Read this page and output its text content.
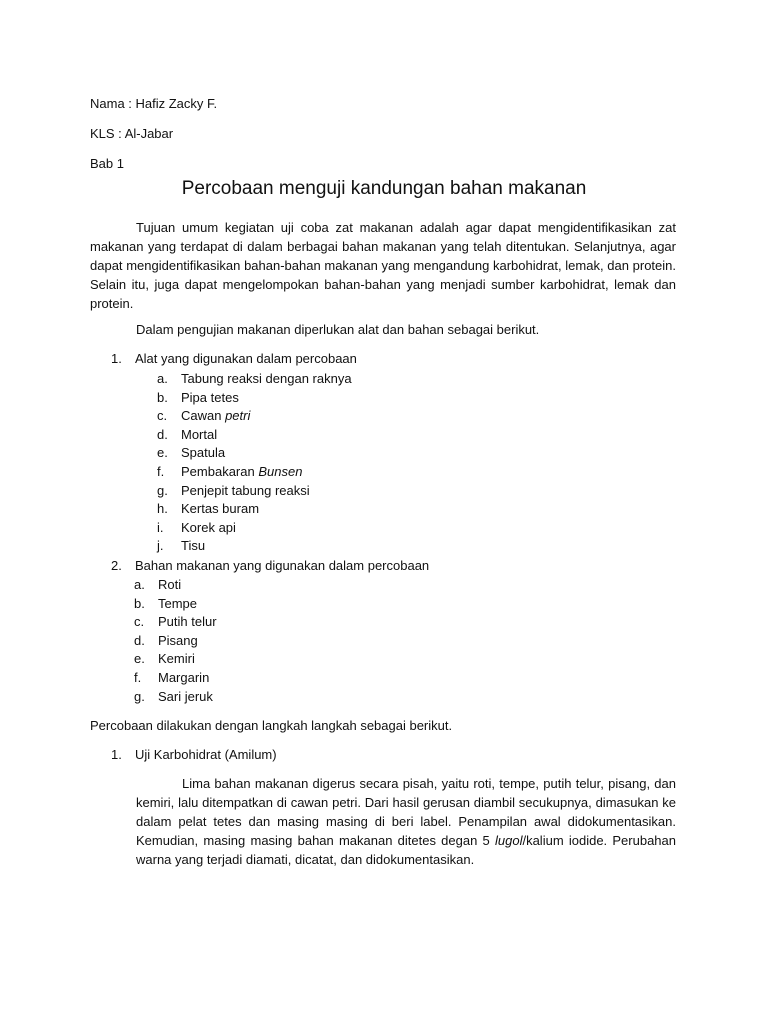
Nama : Hafiz Zacky F.
KLS : Al-Jabar
Bab 1
Percobaan menguji kandungan bahan makanan

Tujuan umum kegiatan uji coba zat makanan adalah agar dapat mengidentifikasikan zat makanan yang terdapat di dalam berbagai bahan makanan yang telah ditentukan. Selanjutnya, agar dapat mengidentifikasikan bahan-bahan makanan yang mengandung karbohidrat, lemak, dan protein. Selain itu, juga dapat mengelompokan bahan-bahan yang menjadi sumber karbohidrat, lemak dan protein.

Dalam pengujian makanan diperlukan alat dan bahan sebagai berikut.
1. Alat yang digunakan dalam percobaan
a. Tabung reaksi dengan raknya
b. Pipa tetes
c. Cawan petri
d. Mortal
e. Spatula
f. Pembakaran Bunsen
g. Penjepit tabung reaksi
h. Kertas buram
i. Korek api
j. Tisu
2. Bahan makanan yang digunakan dalam percobaan
a. Roti
b. Tempe
c. Putih telur
d. Pisang
e. Kemiri
f. Margarin
g. Sari jeruk
Percobaan dilakukan dengan langkah langkah sebagai berikut.
1. Uji Karbohidrat (Amilum)

Lima bahan makanan digerus secara pisah, yaitu roti, tempe, putih telur, pisang, dan kemiri, lalu ditempatkan di cawan petri. Dari hasil gerusan diambil secukupnya, dimasukan ke dalam pelat tetes dan masing masing di beri label. Penampilan awal didokumentasikan. Kemudian, masing masing bahan makanan ditetes degan 5 lugol/kalium iodide. Perubahan warna yang terjadi diamati, dicatat, dan didokumentasikan.
